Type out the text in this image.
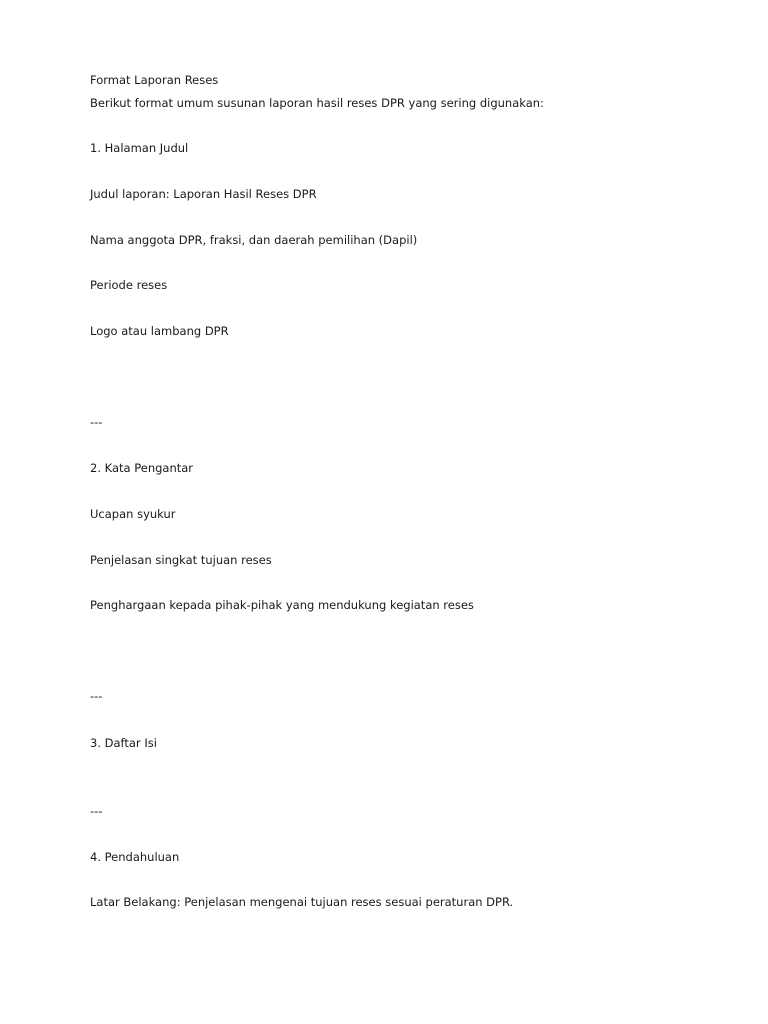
Format Laporan Reses
Berikut format umum susunan laporan hasil reses DPR yang sering digunakan:
1. Halaman Judul
Judul laporan: Laporan Hasil Reses DPR
Nama anggota DPR, fraksi, dan daerah pemilihan (Dapil)
Periode reses
Logo atau lambang DPR
---
2. Kata Pengantar
Ucapan syukur
Penjelasan singkat tujuan reses
Penghargaan kepada pihak-pihak yang mendukung kegiatan reses
---
3. Daftar Isi
---
4. Pendahuluan
Latar Belakang: Penjelasan mengenai tujuan reses sesuai peraturan DPR.
